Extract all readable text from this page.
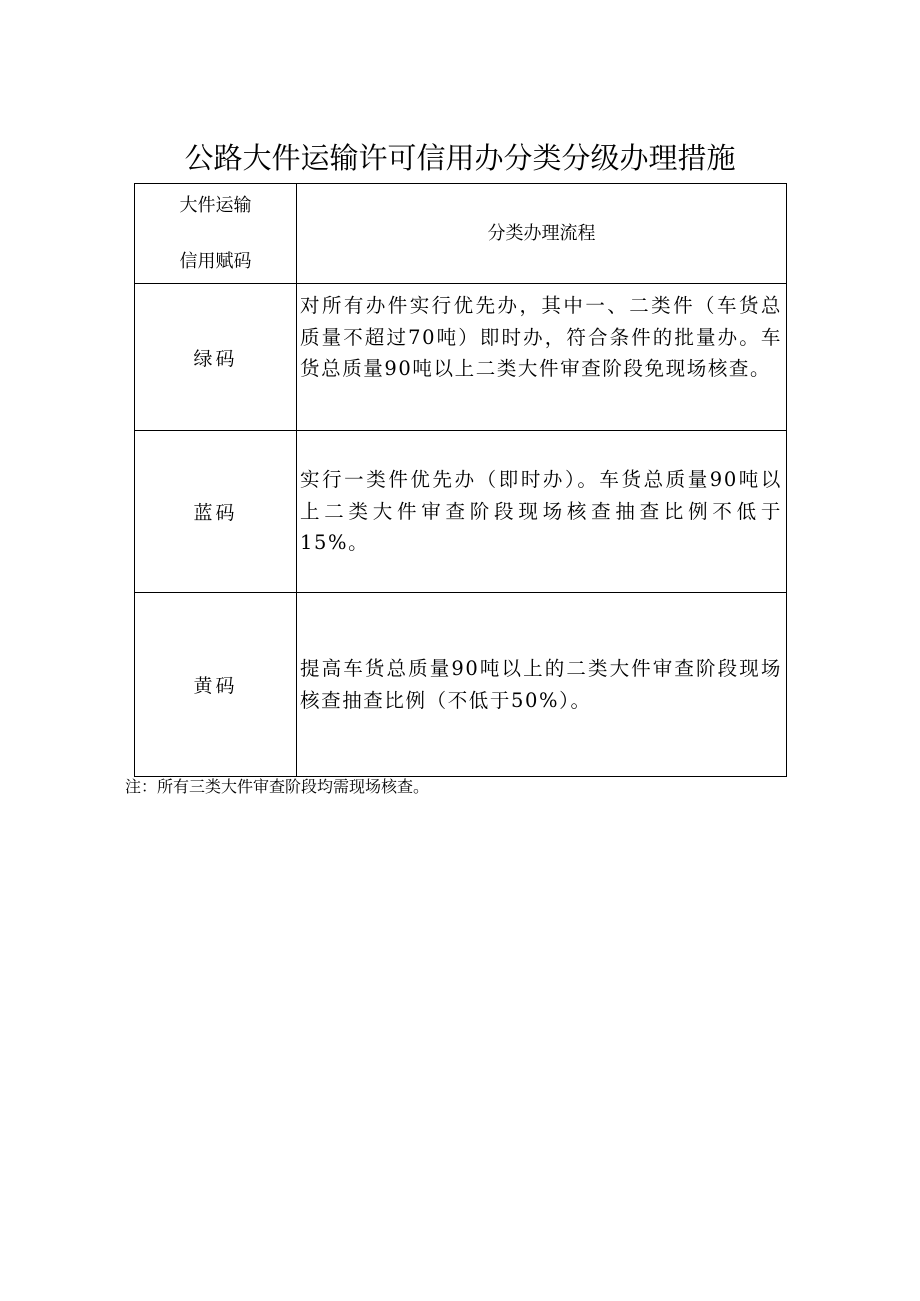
公路大件运输许可信用办分类分级办理措施
大件运输
信用赋码	分类办理流程
绿码	对所有办件实行优先办，其中一、二类件（车货总质量不超过70吨）即时办，符合条件的批量办。车货总质量90吨以上二类大件审查阶段免现场核查。
蓝码	实行一类件优先办（即时办）。车货总质量90吨以上二类大件审查阶段现场核查抽查比例不低于15%。
黄码	提高车货总质量90吨以上的二类大件审查阶段现场核查抽查比例（不低于50%）。
注：所有三类大件审查阶段均需现场核查。
